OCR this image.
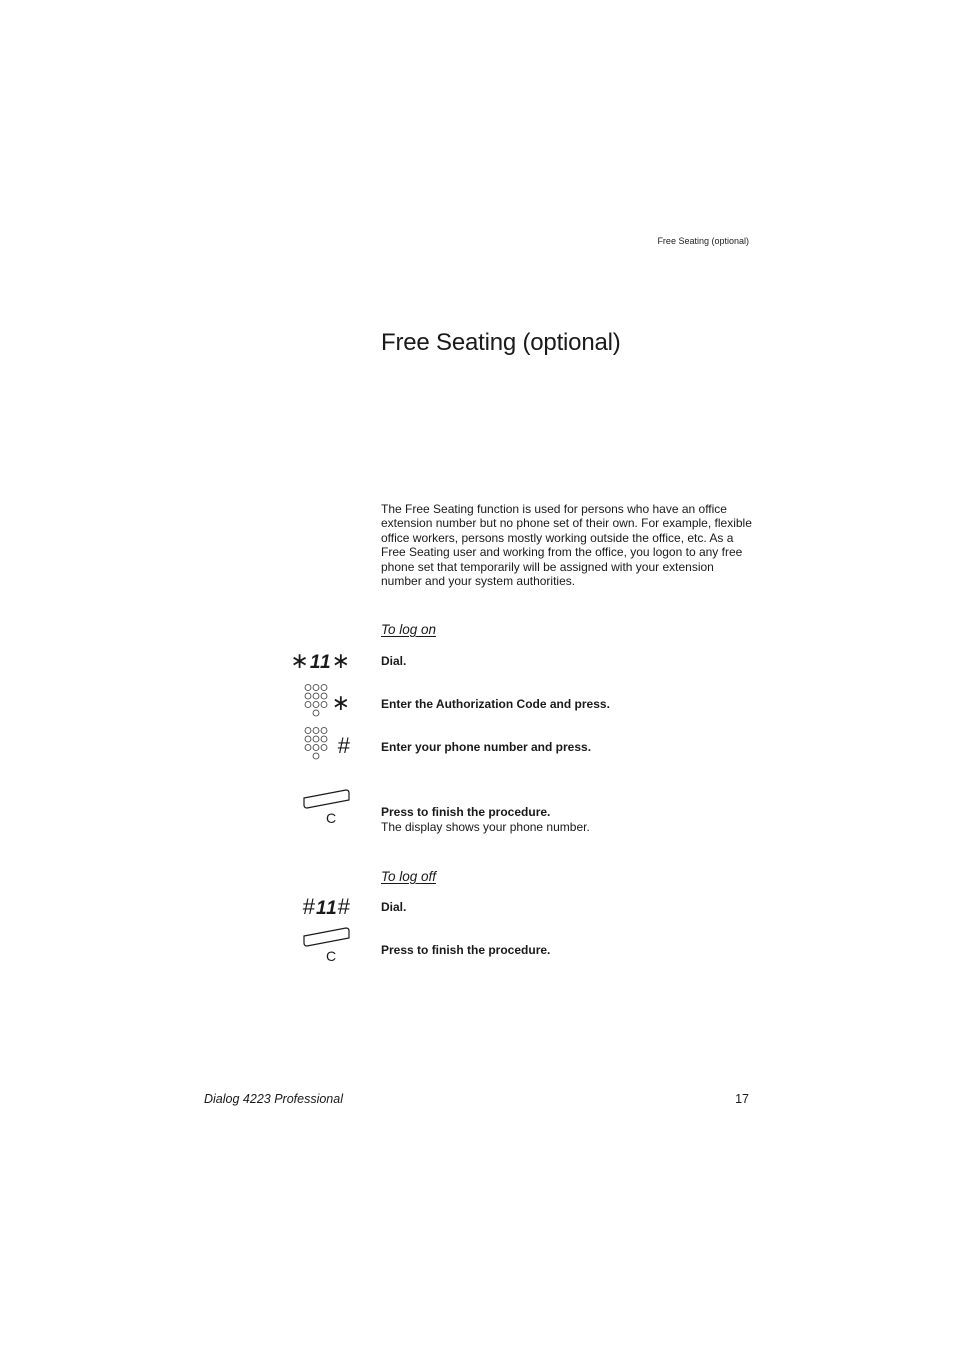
Free Seating (optional)
Free Seating (optional)
The Free Seating function is used for persons who have an office extension number but no phone set of their own. For example, flexible office workers, persons mostly working outside the office, etc. As a Free Seating user and working from the office, you logon to any free phone set that temporarily will be assigned with your extension number and your system authorities.
To log on
∗11∗	Dial.
∗	Enter the Authorization Code and press.
#	Enter your phone number and press.
C	Press to finish the procedure.
The display shows your phone number.
To log off
#11#	Dial.
C	Press to finish the procedure.
Dialog 4223 Professional	17
